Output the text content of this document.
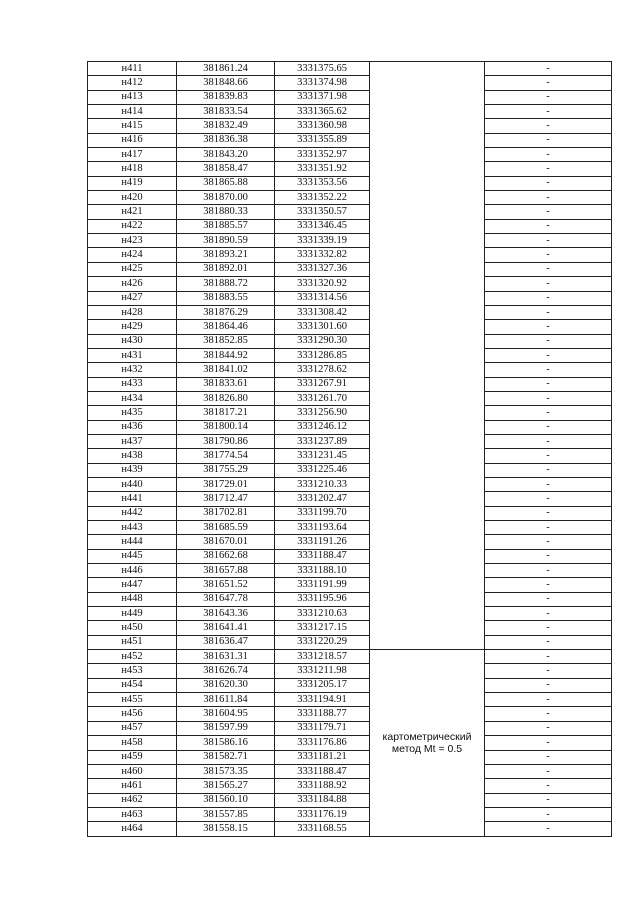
н411	381861.24	3331375.65		-
н412	381848.66	3331374.98		-
н413	381839.83	3331371.98		-
н414	381833.54	3331365.62		-
н415	381832.49	3331360.98		-
н416	381836.38	3331355.89		-
н417	381843.20	3331352.97		-
н418	381858.47	3331351.92		-
н419	381865.88	3331353.56		-
н420	381870.00	3331352.22		-
н421	381880.33	3331350.57		-
н422	381885.57	3331346.45		-
н423	381890.59	3331339.19		-
н424	381893.21	3331332.82		-
н425	381892.01	3331327.36		-
н426	381888.72	3331320.92		-
н427	381883.55	3331314.56		-
н428	381876.29	3331308.42		-
н429	381864.46	3331301.60		-
н430	381852.85	3331290.30		-
н431	381844.92	3331286.85		-
н432	381841.02	3331278.62		-
н433	381833.61	3331267.91		-
н434	381826.80	3331261.70		-
н435	381817.21	3331256.90		-
н436	381800.14	3331246.12		-
н437	381790.86	3331237.89		-
н438	381774.54	3331231.45		-
н439	381755.29	3331225.46		-
н440	381729.01	3331210.33		-
н441	381712.47	3331202.47		-
н442	381702.81	3331199.70		-
н443	381685.59	3331193.64		-
н444	381670.01	3331191.26		-
н445	381662.68	3331188.47		-
н446	381657.88	3331188.10		-
н447	381651.52	3331191.99		-
н448	381647.78	3331195.96		-
н449	381643.36	3331210.63		-
н450	381641.41	3331217.15		-
н451	381636.47	3331220.29		-
н452	381631.31	3331218.57	картометрический
метод Mt = 0.5	-
н453	381626.74	3331211.98		-
н454	381620.30	3331205.17		-
н455	381611.84	3331194.91		-
н456	381604.95	3331188.77		-
н457	381597.99	3331179.71		-
н458	381586.16	3331176.86		-
н459	381582.71	3331181.21		-
н460	381573.35	3331188.47		-
н461	381565.27	3331188.92		-
н462	381560.10	3331184.88		-
н463	381557.85	3331176.19		-
н464	381558.15	3331168.55		-
